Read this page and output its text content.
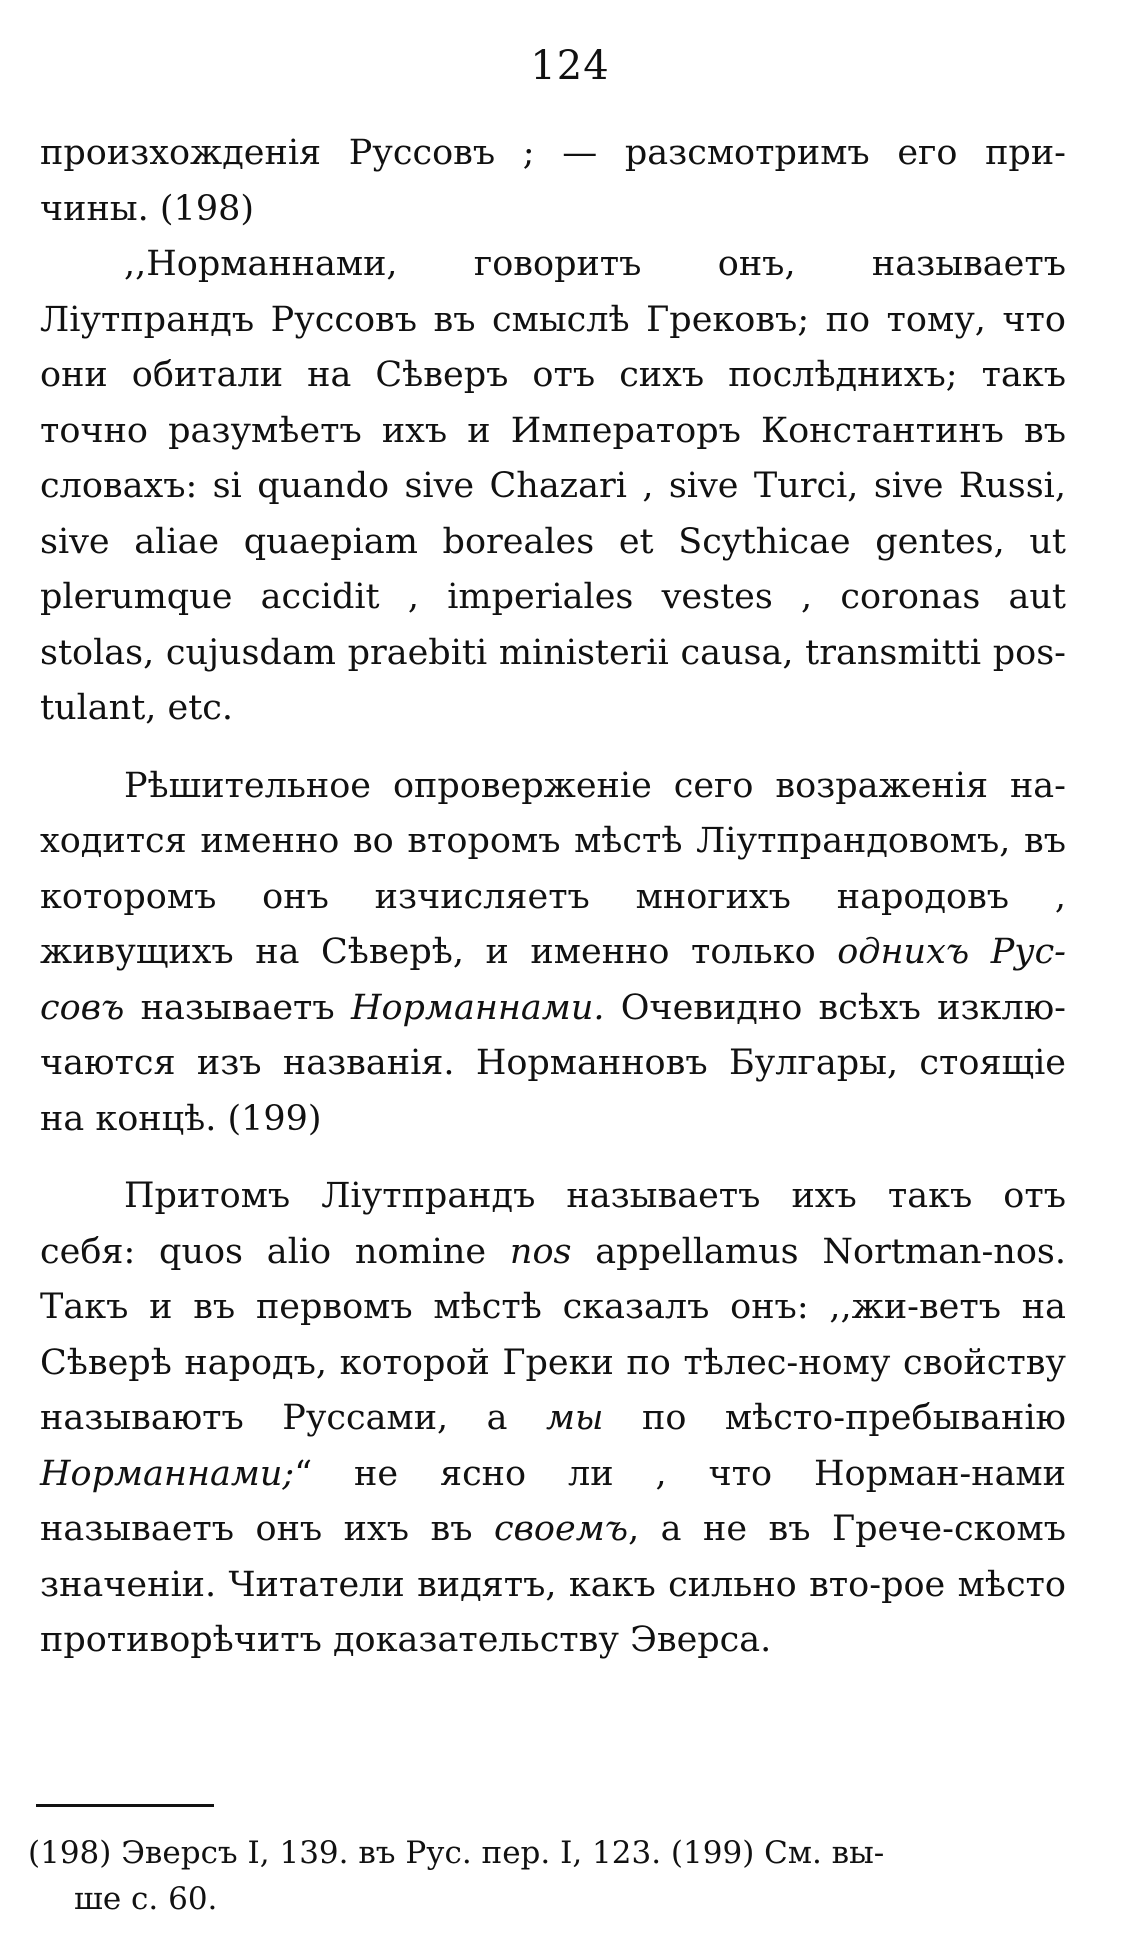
124

произхожденія Руссовъ ; — разсмотримъ его при-чины. (198)

,,Норманнами, говоритъ онъ, называетъ Ліутпрандъ Руссовъ въ смыслѣ Грековъ; по тому, что они обитали на Сѣверъ отъ сихъ послѣднихъ; такъ точно разумѣетъ ихъ и Императоръ Константинъ въ словахъ: si quando sive Chazari , sive Turci, sive Russi, sive aliae quaepiam boreales et Scythicae gentes, ut plerumque accidit , imperiales vestes , coronas aut stolas, cujusdam praebiti ministerii causa, transmitti pos-tulant, etc.

Рѣшительное опроверженіе сего возраженія на-ходится именно во второмъ мѣстѣ Ліутпрандовомъ, въ которомъ онъ изчисляетъ многихъ народовъ , живущихъ на Сѣверѣ, и именно только однихъ Рус-совъ называетъ Норманнами. Очевидно всѣхъ изклю-чаются изъ названія. Норманновъ Булгары, стоящіе на концѣ. (199)

Притомъ Ліутпрандъ называетъ ихъ такъ отъ себя: quos alio nomine nos appellamus Nortman-nos. Такъ и въ первомъ мѣстѣ сказалъ онъ: ,,жи-ветъ на Сѣверѣ народъ, которой Греки по тѣлес-ному свойству называютъ Руссами, а мы по мѣсто-пребыванію Норманнами;“ не ясно ли , что Норман-нами называетъ онъ ихъ въ своемъ, а не въ Грече-скомъ значеніи. Читатели видятъ, какъ сильно вто-рое мѣсто противорѣчитъ доказательству Эверса.

(198) Эверсъ I, 139. въ Рус. пер. I, 123. (199) См. вы-
ше с. 60.
